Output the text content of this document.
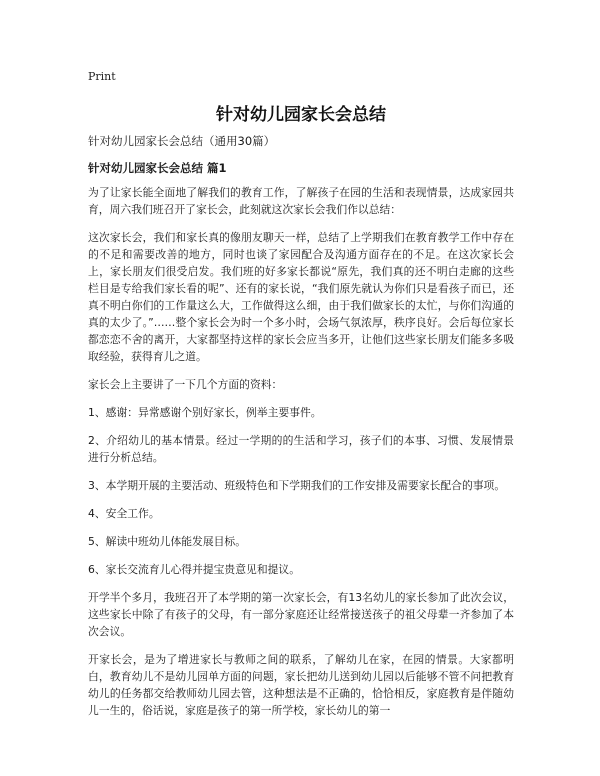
Print
针对幼儿园家长会总结
针对幼儿园家长会总结（通用30篇）
针对幼儿园家长会总结 篇1

为了让家长能全面地了解我们的教育工作，了解孩子在园的生活和表现情景，达成家园共育，周六我们班召开了家长会，此刻就这次家长会我们作以总结：

这次家长会，我们和家长真的像朋友聊天一样，总结了上学期我们在教育教学工作中存在的不足和需要改善的地方，同时也谈了家园配合及沟通方面存在的不足。在这次家长会上，家长朋友们很受启发。我们班的好多家长都说“原先，我们真的还不明白走廊的这些栏目是专给我们家长看的呢”、还有的家长说，“我们原先就认为你们只是看孩子而已，还真不明白你们的工作量这么大，工作做得这么细，由于我们做家长的太忙，与你们沟通的真的太少了。”……整个家长会为时一个多小时，会场气氛浓厚，秩序良好。会后每位家长都恋恋不舍的离开，大家都坚持这样的家长会应当多开，让他们这些家长朋友们能多多吸取经验，获得育儿之道。

家长会上主要讲了一下几个方面的资料：

1、感谢：异常感谢个别好家长，例举主要事件。

2、介绍幼儿的基本情景。经过一学期的的生活和学习，孩子们的本事、习惯、发展情景进行分析总结。

3、本学期开展的主要活动、班级特色和下学期我们的工作安排及需要家长配合的事项。

4、安全工作。

5、解读中班幼儿体能发展目标。

6、家长交流育儿心得并提宝贵意见和提议。

开学半个多月，我班召开了本学期的第一次家长会，有13名幼儿的家长参加了此次会议，这些家长中除了有孩子的父母，有一部分家庭还让经常接送孩子的祖父母辈一齐参加了本次会议。

开家长会，是为了增进家长与教师之间的联系，了解幼儿在家，在园的情景。大家都明白，教育幼儿不是幼儿园单方面的问题，家长把幼儿送到幼儿园以后能够不管不问把教育幼儿的任务都交给教师幼儿园去管，这种想法是不正确的，恰恰相反，家庭教育是伴随幼儿一生的，俗话说，家庭是孩子的第一所学校，家长幼儿的第一
